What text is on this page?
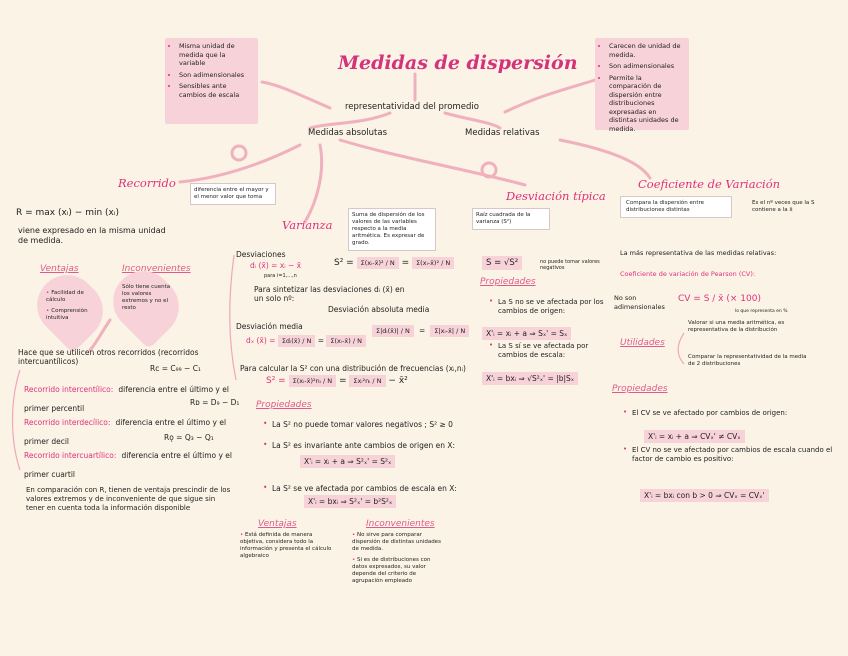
Medidas de dispersión
representatividad del promedio
Medidas absolutas	Medidas relativas
• Misma unidad de medida que la variable
• Son adimensionales
• Sensibles ante cambios de escala
• Carecen de unidad de medida.
• Son adimensionales
• Permite la comparación de dispersión entre distribuciones expresadas en distintas unidades de medida.
Recorrido	diferencia entre el mayor y el menor valor que toma
R = max (xᵢ) − min (xᵢ)
viene expresado en la misma unidad de medida.
Ventajas	Inconvenientes
• Facilidad de cálculo
• Comprensión intuitiva
Sólo tiene cuenta los valores extremos y no el resto
Hace que se utilicen otros recorridos (recorridos intercuantílicos)
Recorrido intercentílico: diferencia entre el último y el primer percentil
Rc = C₉₉ − C₁
Recorrido interdecílico: diferencia entre el último y el primer decil
Rᴅ = D₉ − D₁
Recorrido intercuartílico: diferencia entre el último y el primer cuartil
Rǫ = Q₃ − Q₁
En comparación con R, tienen de ventaja prescindir de los valores extremos y de inconveniente de que sigue sin tener en cuenta toda la información disponible
Varianza
Suma de dispersión de los valores de las variables respecto a la media aritmética. Es expresar de grado.
Desviaciones
dᵢ (x̄) = xᵢ − x̄
para i=1,...,n
S² = Σ(xᵢ-x̄)² / N = Σ(xᵢ-x̄)² / N
Para sintetizar las desviaciones dᵢ (x̄) en un solo nº:
Desviación absoluta media
Σ|dᵢ(x̄)| / N = Σ|xᵢ-x̄| / N
Desviación media
dₓ (x̄) = Σdᵢ(x̄) / N = Σ(xᵢ-x̄) / N
Para calcular la S² con una distribución de frecuencias (xᵢ,nᵢ)
S² = Σ(xᵢ-x̄)²nᵢ / N = Σxᵢ²nᵢ / N − x̄²
Propiedades
• La S² no puede tomar valores negativos ; S² ≥ 0
• La S² es invariante ante cambios de origen en X:
• La S² se ve afectada por cambios de escala en X:
X'ᵢ = xᵢ + a ⇒ S²ₓ' = S²ₓ
X'ᵢ = bxᵢ ⇒ S²ₓ' = b²S²ₓ
Ventajas	Inconvenientes
• Está definida de manera objetiva, considera todo la información y presenta el cálculo algebraico
• No sirve para comparar dispersión de distintas unidades de medida.
• Si es de distribuciones con datos expresados, su valor depende del criterio de agrupación empleado
Desviación típica
Raíz cuadrada de la varianza (S²)
S = √S²	no puede tomar valores negativos
Propiedades
• La S no se ve afectada por los cambios de origen:
• La S sí se ve afectada por cambios de escala:
X'ᵢ = xᵢ + a ⇒ Sₓ' = Sₓ
X'ᵢ = bxᵢ ⇒ √S²ₓ' = |b|Sₓ
Coeficiente de Variación
Compara la dispersión entre distribuciones distintas
Es el nº veces que la S contiene a la x̄
La más representativa de las medidas relativas:
Coeficiente de variación de Pearson (CV):
No son adimensionales
CV = S / x̄ (× 100)
lo que representa en %
Utilidades
Valorar si una media aritmética, es representativa de la distribución
Comparar la representatividad de la media de 2 distribuciones
Propiedades
• El CV se ve afectado por cambios de origen:
• El CV no se ve afectado por cambios de escala cuando el factor de cambio es positivo:
X'ᵢ = xᵢ + a ⇒ CVₓ' ≠ CVₓ
X'ᵢ = bxᵢ con b > 0 ⇒ CVₓ = CVₓ'
